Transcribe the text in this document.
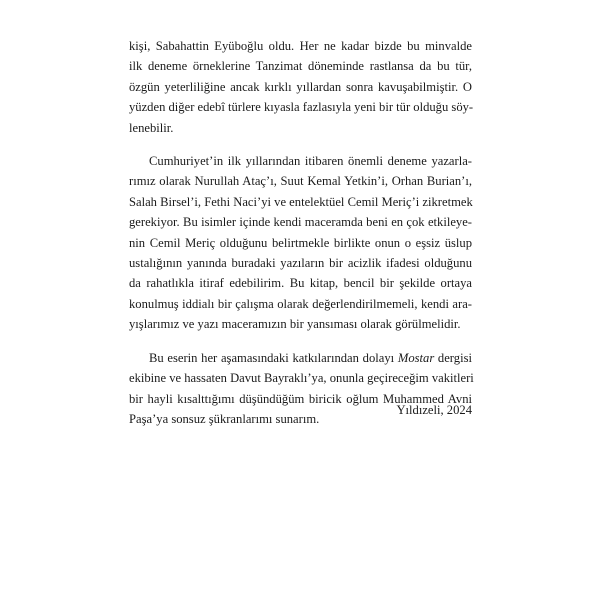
kişi, Sabahattin Eyüboğlu oldu. Her ne kadar bizde bu minvalde
ilk deneme örneklerine Tanzimat döneminde rastlansa da bu tür,
özgün yeterliliğine ancak kırklı yıllardan sonra kavuşabilmiştir. O
yüzden diğer edebî türlere kıyasla fazlasıyla yeni bir tür olduğu söy-
lenebilir.

Cumhuriyet’in ilk yıllarından itibaren önemli deneme yazarla-
rımız olarak Nurullah Ataç’ı, Suut Kemal Yetkin’i, Orhan Burian’ı,
Salah Birsel’i, Fethi Naci’yi ve entelektüel Cemil Meriç’i zikretmek
gerekiyor. Bu isimler içinde kendi maceramda beni en çok etkileye-
nin Cemil Meriç olduğunu belirtmekle birlikte onun o eşsiz üslup
ustalığının yanında buradaki yazıların bir acizlik ifadesi olduğunu
da rahatlıkla itiraf edebilirim. Bu kitap, bencil bir şekilde ortaya
konulmuş iddialı bir çalışma olarak değerlendirilmemeli, kendi ara-
yışlarımız ve yazı maceramızın bir yansıması olarak görülmelidir.

Bu eserin her aşamasındaki katkılarından dolayı Mostar dergisi
ekibine ve hassaten Davut Bayraklı’ya, onunla geçireceğim vakitleri
bir hayli kısalttığımı düşündüğüm biricik oğlum Muhammed Avni
Paşa’ya sonsuz şükranlarımı sunarım.

Yıldızeli, 2024
